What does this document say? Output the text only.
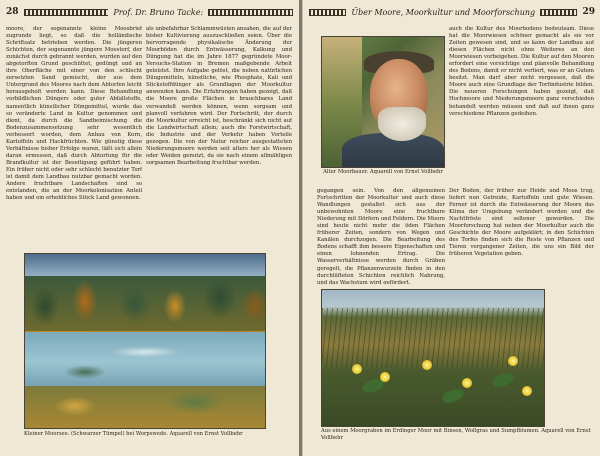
28	Prof. Dr. Bruno Tacke:
moore, der sogenannte kleine Moosbrief zugrunde liegt, so daß die holländische Schriftsatz betrieben werden. Die jüngeren Schichten, der sogenannte jüngere Moostorf, der zunächst durch gebrannt werden, wurden auf den abgetorften Grund geschüttet, gedüngt und an ihre Oberfläche mit einer von den schlecht zersetzten Sand gemischt, der aus dem Untergrund des Moores nach dem Abtorfen leicht herausgeholt werden kann. Diese Behandlung vorbildlichen Düngers oder guter Abfallstoffe, namentlich künstlicher Düngemittel, wurde das so veränderte Land in Kultur genommen und dient, da durch die Sandbeimischung die Bodenzusammensetzung sehr wesentlich verbessert worden, dem Anbau von Korn, Kartoffeln und Hackfrüchten. Wie günstig diese Verhältnisse bisher Erfolge waren, läßt sich allein daran ermessen, daß durch Abtorfung für die Brandkultur ist der Beseitigung geführt haben. Ein früher nicht oder sehr schlecht benutzter Torf ist damit dem Landbau nutzbar gemacht worden. Andere fruchtbare Landschaften sind so entstanden, die an der Moorkolonisation Anteil haben und ein erhebliches Stück Land gewonnen.
als unbefahrbar Schlammwüsten ansahen, die auf der bisher Kultivierung auszuschließen seien. Über die hervorragende physikalische Änderung der Moorböden durch Entwässerung, Kalkung und Düngung hat die im Jahre 1877 gegründete Moor-Versuchs-Station in Bremen maßgebende Arbeit geleistet. Ihre Aufgabe gelöst, die neben natürlichen Düngemitteln, künstliche, wie Phosphate, Kali und Stickstoffdünger als Grundlagen der Moorkultur anwenden kann. Die Erfahrungen haben gezeigt, daß die Moore große Flächen in brauchbares Land verwandelt werden können, wenn sorgsam und planvoll verfahren wird. Der Fortschritt, der durch die Moorkultur erreicht ist, beschränkt sich nicht auf die Landwirtschaft allein; auch die Forstwirtschaft, die Industrie und der Verkehr haben Vorteile gezogen. Die von der Natur reicher ausgestatteten Niederungsmoore werden seit alters her als Wiesen oder Weiden genutzt, da sie nach einem allmähligen sorgsamen Bearbeitung fruchtbar werden.
Kleiner Moorsee. (Schwarzer Tümpel) bei Worpswede. Aquarell von Ernst Vollbehr
Über Moore, Moorkultur und Moorforschung	29
Alter Moorbauer. Aquarell von Ernst Vollbehr
auch die Kultur des Moorbodens bedeutsam. Diese hat die Moorwiesen schöner gemacht als sie vor Zeiten gewesen sind, und so kann der Landbau auf diesen Flächen nicht ohne Weiteres an den Moorwiesen vorbeigehen. Die Kultur auf den Mooren erfordert eine vorsichtige und planvolle Behandlung des Bodens, damit er nicht verliert, was er an Gutem besitzt. Man darf aber nicht vergessen, daß die Moore auch eine Grundlage der Torfindustrie bilden. Die neueren Forschungen haben gezeigt, daß Hochmoore und Niederungsmoore ganz verschieden behandelt werden müssen und daß auf ihnen ganz verschiedene Pflanzen gedeihen.
gegangen sein. Von den allgemeinen Fortschritten der Moorkultur und auch diese Wandlungen gestaltet sich aus der unbewohnten Moore eine fruchtbare Niederung mit Dörfern und Feldern. Die Moore sind heute nicht mehr die öden Flächen früherer Zeiten, sondern von Wegen und Kanälen durchzogen. Die Bearbeitung des Bodens schafft ihm bessere Eigenschaften und einen lohnenden Ertrag. Die Wasserverhältnisse werden durch Gräben geregelt, die Pflanzenwurzeln finden in den durchlüfteten Schichten reichlich Nahrung, und das Wachstum wird gefördert.
Der Boden, der früher nur Heide und Moos trug, liefert nun Getreide, Kartoffeln und gute Wiesen. Ferner ist durch die Entwässerung der Moore das Klima der Umgebung verändert worden und die Nachtfröste sind seltener geworden. Die Moorforschung hat neben der Moorkultur auch die Geschichte der Moore aufgeklärt; in den Schichten des Torfes finden sich die Reste von Pflanzen und Tieren vergangener Zeiten, die uns ein Bild der früheren Vegetation geben.
Aus einem Moorgraben im Erdinger Moor mit Binsen, Wollgras und Sumpfblumen. Aquarell von Ernst Vollbehr
